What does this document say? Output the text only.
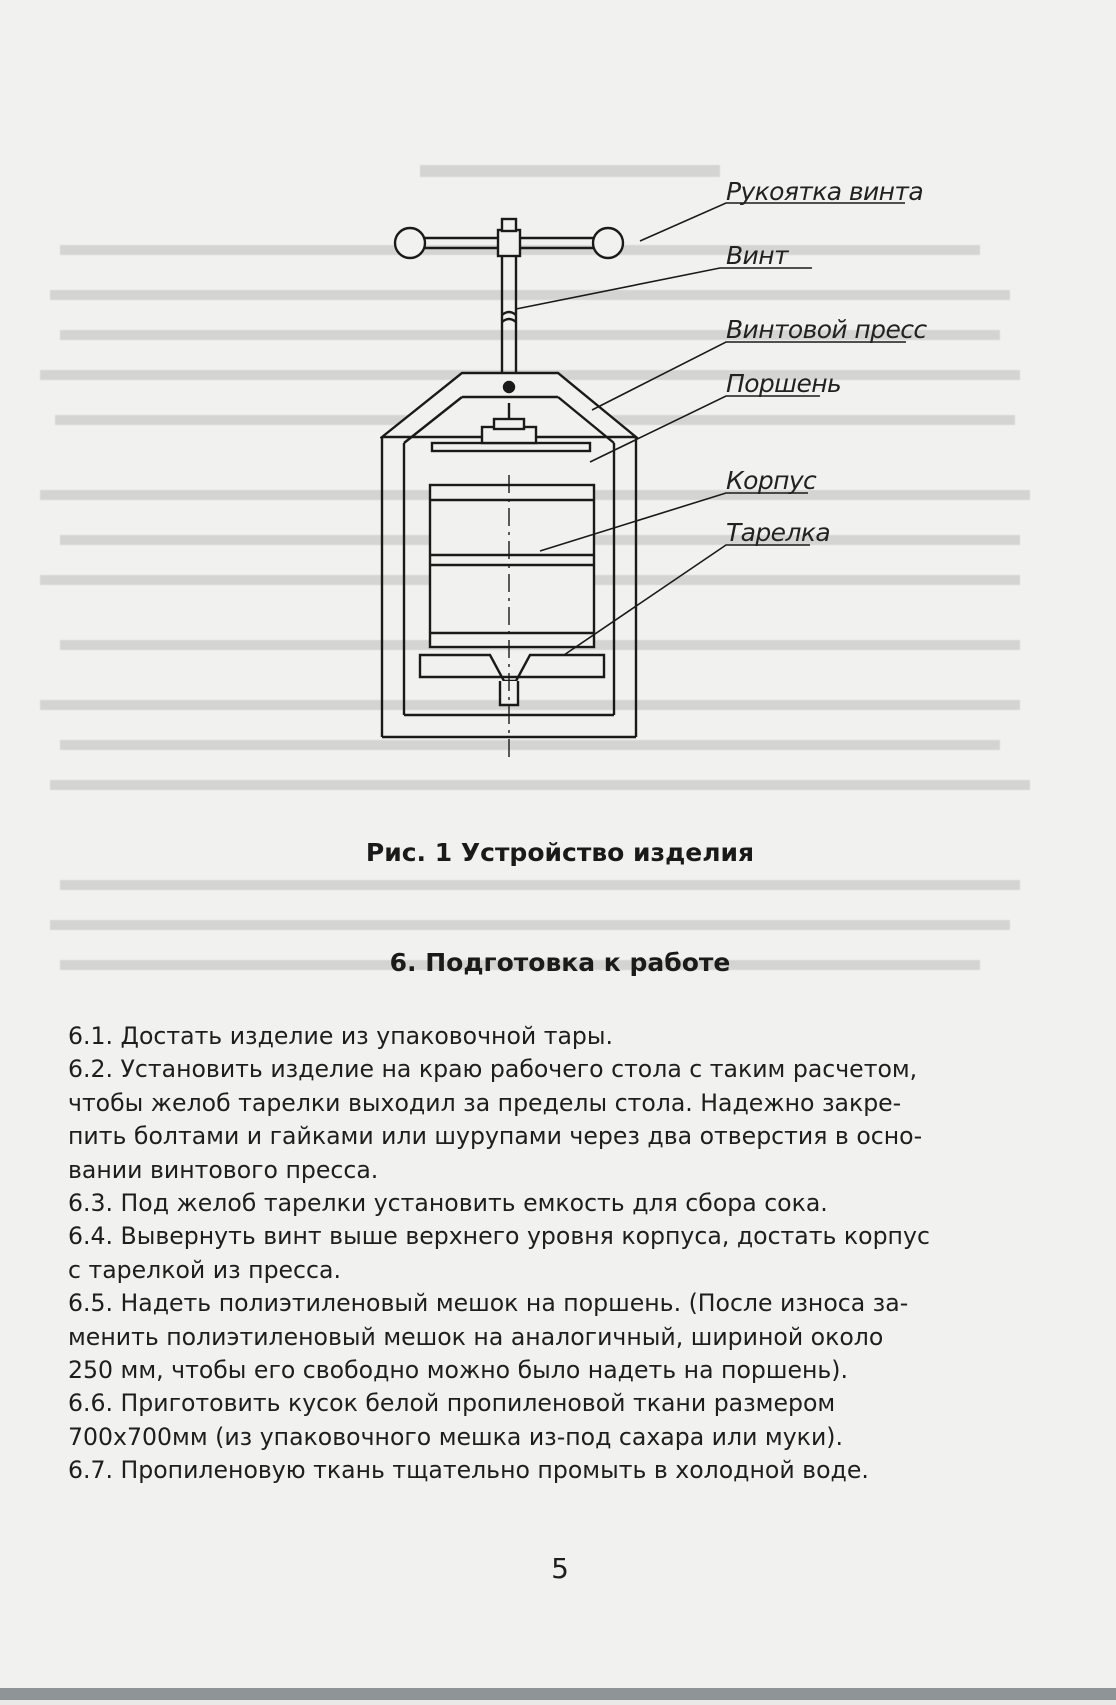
Рукоятка винта
Винт
Винтовой пресс
Поршень
Корпус
Тарелка
Рис. 1 Устройство изделия
6. Подготовка к работе

6.1. Достать изделие из упаковочной тары.

6.2. Установить изделие на краю рабочего стола с таким расчетом,

чтобы желоб тарелки выходил за пределы стола. Надежно закре-

пить болтами и гайками или шурупами через два отверстия в осно-

вании винтового пресса.

6.3. Под желоб тарелки установить емкость для сбора сока.

6.4. Вывернуть винт выше верхнего уровня корпуса, достать корпус

с тарелкой из пресса.

6.5. Надеть полиэтиленовый мешок на поршень. (После износа за-

менить полиэтиленовый мешок на аналогичный, шириной около

250 мм, чтобы его свободно можно было надеть на поршень).

6.6. Приготовить кусок белой пропиленовой ткани размером

700х700мм (из упаковочного мешка из-под сахара или муки).

6.7. Пропиленовую ткань тщательно промыть в холодной воде.

5
